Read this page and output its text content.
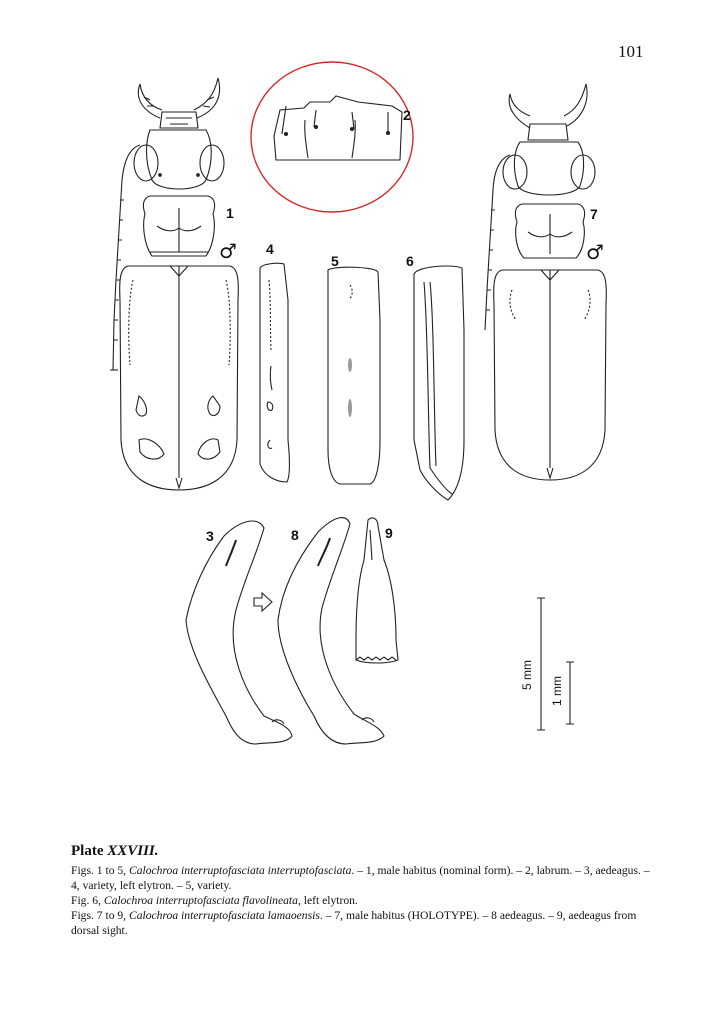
101
1
2
3
4
5	6
7
8	9
♂	♂
5 mm
1 mm

Plate XXVIII.

Figs. 1 to 5, Calochroa interruptofasciata interruptofasciata. – 1, male habitus (nominal form). – 2, labrum. – 3, aedeagus. – 4, variety, left elytron. – 5, variety.

Fig. 6, Calochroa interruptofasciata flavolineata, left elytron.

Figs. 7 to 9, Calochroa interruptofasciata lamaoensis. – 7, male habitus (HOLOTYPE). – 8 aedeagus. – 9, aedeagus from dorsal sight.
